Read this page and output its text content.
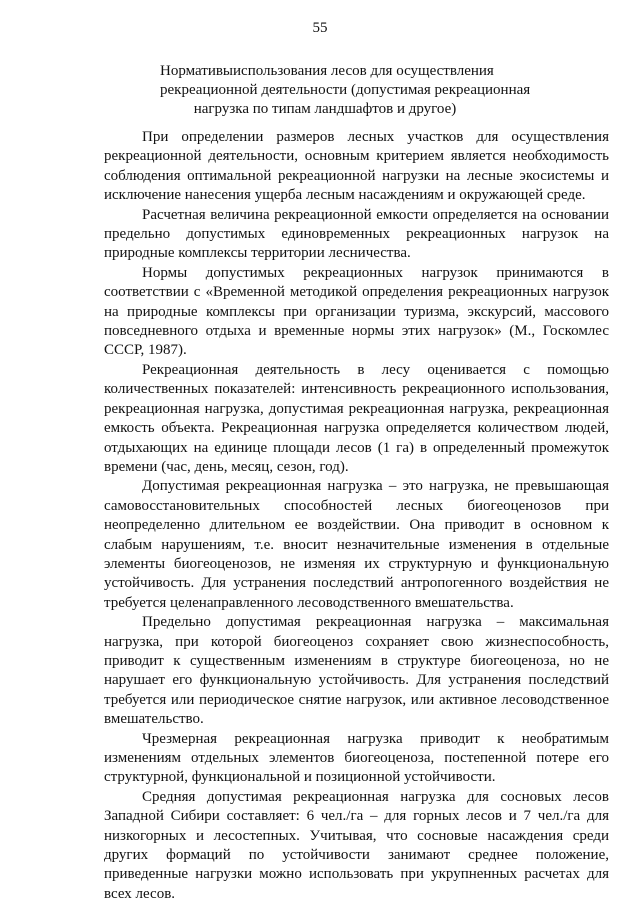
55
Нормативыиспользования лесов для осуществления
рекреационной деятельности (допустимая рекреационная
нагрузка по типам ландшафтов и другое)

При определении размеров лесных участков для осуществления рекреационной деятельности, основным критерием является необходимость соблюдения оптимальной рекреационной нагрузки на лесные экосистемы и исключение нанесения ущерба лесным насаждениям и окружающей среде.

Расчетная величина рекреационной емкости определяется на основании предельно допустимых единовременных рекреационных нагрузок на природные комплексы территории лесничества.

Нормы допустимых рекреационных нагрузок принимаются в соответствии с «Временной методикой определения рекреационных нагрузок на природные комплексы при организации туризма, экскурсий, массового повседневного отдыха и временные нормы этих нагрузок» (М., Госкомлес СССР, 1987).

Рекреационная деятельность в лесу оценивается с помощью количественных показателей: интенсивность рекреационного использования, рекреационная нагрузка, допустимая рекреационная нагрузка, рекреационная емкость объекта. Рекреационная нагрузка определяется количеством людей, отдыхающих на единице площади лесов (1 га) в определенный промежуток времени (час, день, месяц, сезон, год).

Допустимая рекреационная нагрузка – это нагрузка, не превышающая самовосстановительных способностей лесных биогеоценозов при неопределенно длительном ее воздействии. Она приводит в основном к слабым нарушениям, т.е. вносит незначительные изменения в отдельные элементы биогеоценозов, не изменяя их структурную и функциональную устойчивость. Для устранения последствий антропогенного воздействия не требуется целенаправленного лесоводственного вмешательства.

Предельно допустимая рекреационная нагрузка – максимальная нагрузка, при которой биогеоценоз сохраняет свою жизнеспособность, приводит к существенным изменениям в структуре биогеоценоза, но не нарушает его функциональную устойчивость. Для устранения последствий требуется или периодическое снятие нагрузок, или активное лесоводственное вмешательство.

Чрезмерная рекреационная нагрузка приводит к необратимым изменениям отдельных элементов биогеоценоза, постепенной потере его структурной, функциональной и позиционной устойчивости.

Средняя допустимая рекреационная нагрузка для сосновых лесов Западной Сибири составляет: 6 чел./га – для горных лесов и 7 чел./га для низкогорных и лесостепных. Учитывая, что сосновые насаждения среди других формаций по устойчивости занимают среднее положение, приведенные нагрузки можно использовать при укрупненных расчетах для всех лесов.
